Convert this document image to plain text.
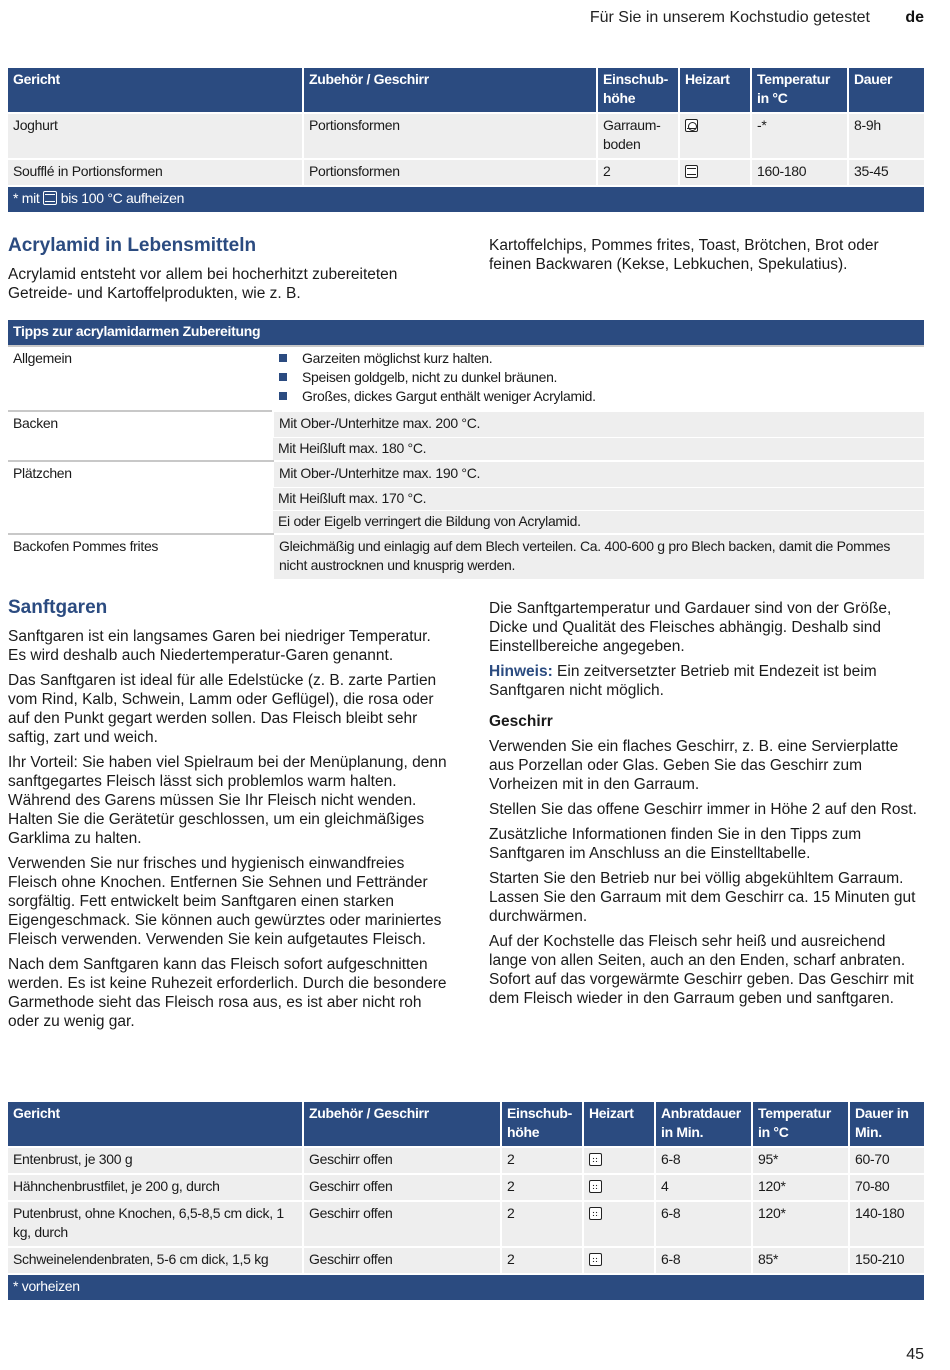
Für Sie in unserem Kochstudio getestet de
Gericht	Zubehör / Geschirr	Einschub-
höhe	Heizart	Temperatur
in °C	Dauer
Joghurt	Portionsformen	Garraum-
boden		-*	8-9h
Soufflé in Portionsformen	Portionsformen	2		160-180	35-45
* mit bis 100 °C aufheizen					
Acrylamid in Lebensmitteln

Acrylamid entsteht vor allem bei hocherhitzt zubereiteten Getreide- und Kartoffelprodukten, wie z. B.

Kartoffelchips, Pommes frites, Toast, Brötchen, Brot oder feinen Backwaren (Kekse, Lebkuchen, Spekulatius).

Tipps zur acrylamidarmen Zubereitung	
Allgemein	Garzeiten möglichst kurz halten.
Speisen goldgelb, nicht zu dunkel bräunen.
Großes, dickes Gargut enthält weniger Acrylamid.

Backen	Mit Ober-/Unterhitze max. 200 °C.
	Mit Heißluft max. 180 °C.
Plätzchen	Mit Ober-/Unterhitze max. 190 °C.
	Mit Heißluft max. 170 °C.
	Ei oder Eigelb verringert die Bildung von Acrylamid.
Backofen Pommes frites	Gleichmäßig und einlagig auf dem Blech verteilen. Ca. 400-600 g pro Blech backen, damit die Pommes nicht austrocknen und knusprig werden.
Sanftgaren

Sanftgaren ist ein langsames Garen bei niedriger Temperatur. Es wird deshalb auch Niedertemperatur-Garen genannt.

Das Sanftgaren ist ideal für alle Edelstücke (z. B. zarte Partien vom Rind, Kalb, Schwein, Lamm oder Geflügel), die rosa oder auf den Punkt gegart werden sollen. Das Fleisch bleibt sehr saftig, zart und weich.

Ihr Vorteil: Sie haben viel Spielraum bei der Menüplanung, denn sanftgegartes Fleisch lässt sich problemlos warm halten. Während des Garens müssen Sie Ihr Fleisch nicht wenden. Halten Sie die Gerätetür geschlossen, um ein gleichmäßiges Garklima zu halten.

Verwenden Sie nur frisches und hygienisch einwandfreies Fleisch ohne Knochen. Entfernen Sie Sehnen und Fettränder sorgfältig. Fett entwickelt beim Sanftgaren einen starken Eigengeschmack. Sie können auch gewürztes oder mariniertes Fleisch verwenden. Verwenden Sie kein aufgetautes Fleisch.

Nach dem Sanftgaren kann das Fleisch sofort aufgeschnitten werden. Es ist keine Ruhezeit erforderlich. Durch die besondere Garmethode sieht das Fleisch rosa aus, es ist aber nicht roh oder zu wenig gar.

Die Sanftgartemperatur und Gardauer sind von der Größe, Dicke und Qualität des Fleisches abhängig. Deshalb sind Einstellbereiche angegeben.

Hinweis: Ein zeitversetzter Betrieb mit Endezeit ist beim Sanftgaren nicht möglich.

Geschirr

Verwenden Sie ein flaches Geschirr, z. B. eine Servierplatte aus Porzellan oder Glas. Geben Sie das Geschirr zum Vorheizen mit in den Garraum.

Stellen Sie das offene Geschirr immer in Höhe 2 auf den Rost.

Zusätzliche Informationen finden Sie in den Tipps zum Sanftgaren im Anschluss an die Einstelltabelle.

Starten Sie den Betrieb nur bei völlig abgekühltem Garraum. Lassen Sie den Garraum mit dem Geschirr ca. 15 Minuten gut durchwärmen.

Auf der Kochstelle das Fleisch sehr heiß und ausreichend lange von allen Seiten, auch an den Enden, scharf anbraten. Sofort auf das vorgewärmte Geschirr geben. Das Geschirr mit dem Fleisch wieder in den Garraum geben und sanftgaren.

Gericht	Zubehör / Geschirr	Einschub-
höhe	Heizart	Anbratdauer
in Min.	Temperatur
in °C	Dauer in
Min.
Entenbrust, je 300 g	Geschirr offen	2		6-8	95*	60-70
Hähnchenbrustfilet, je 200 g, durch	Geschirr offen	2		4	120*	70-80
Putenbrust, ohne Knochen, 6,5-8,5 cm dick, 1 kg, durch	Geschirr offen	2		6-8	120*	140-180
Schweinelendenbraten, 5-6 cm dick, 1,5 kg	Geschirr offen	2		6-8	85*	150-210
* vorheizen						
45
